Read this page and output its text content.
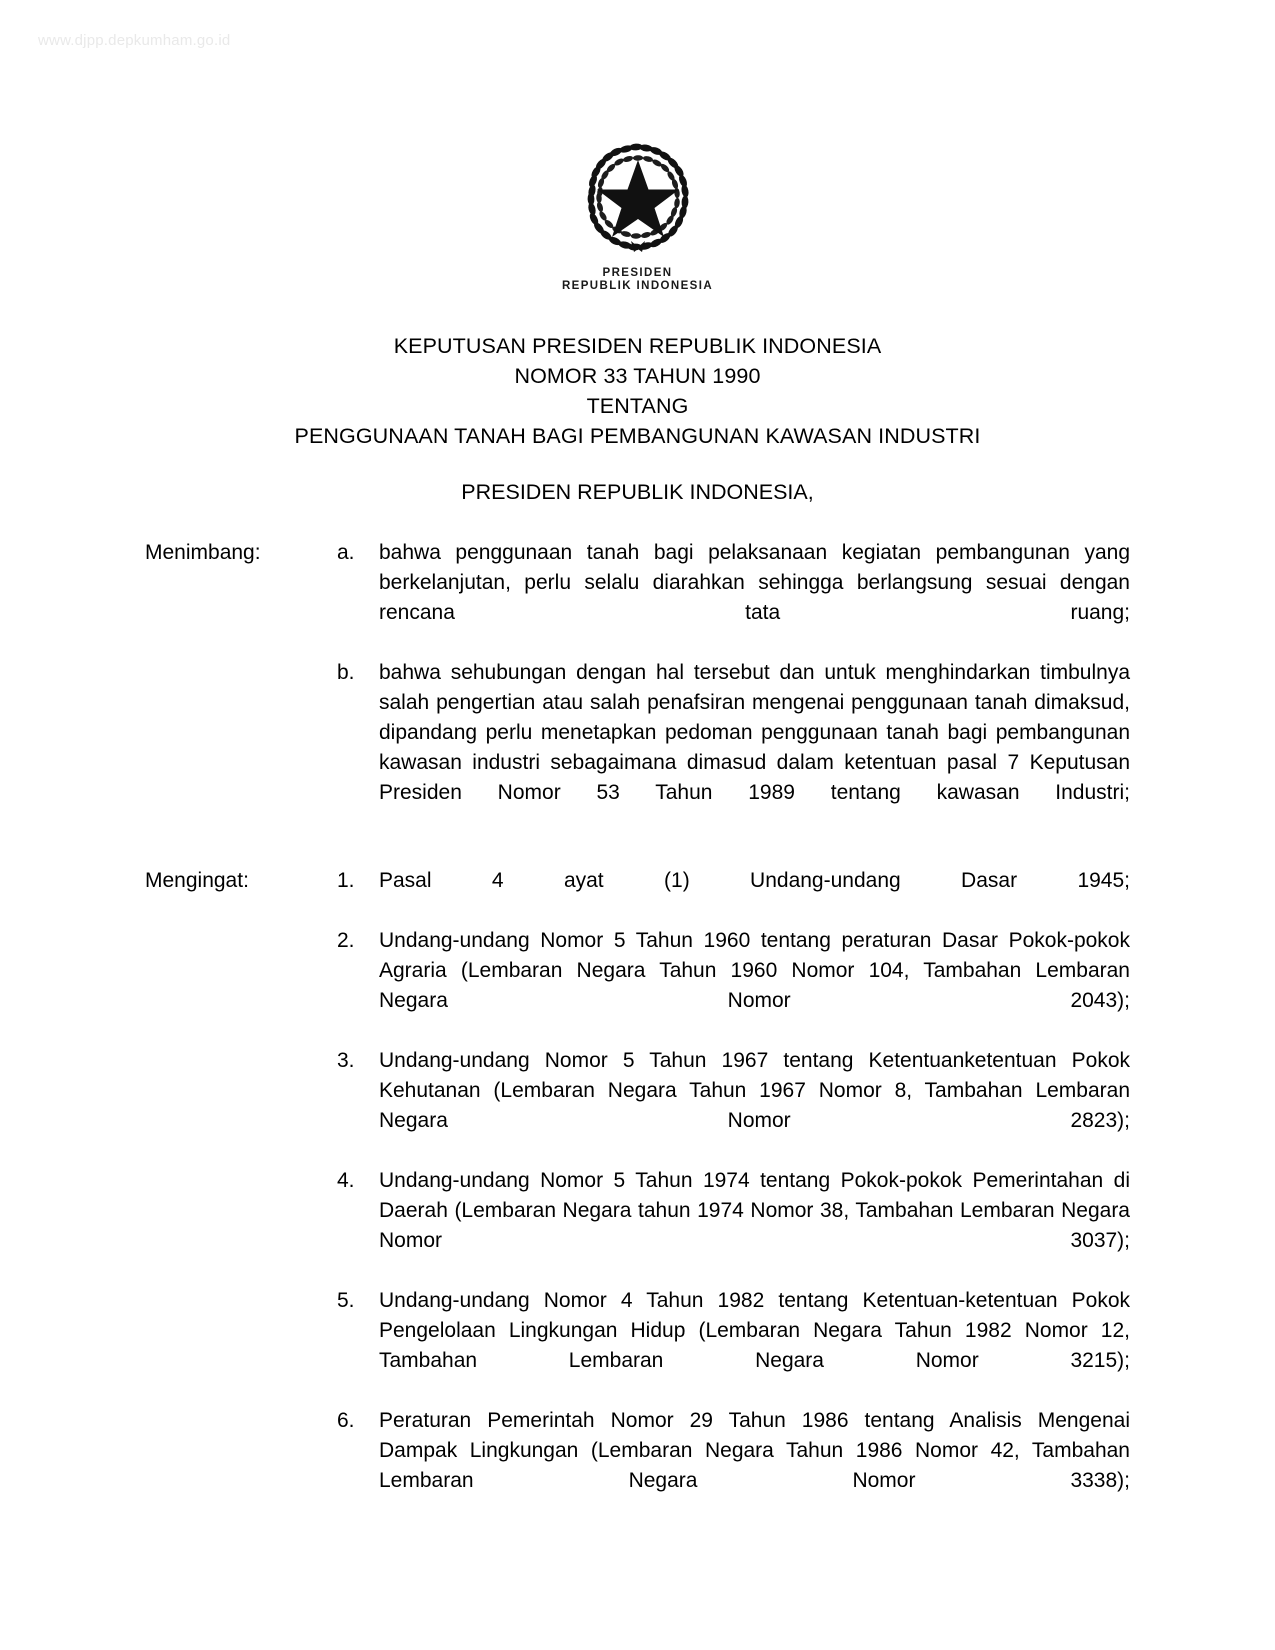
www.djpp.depkumham.go.id
PRESIDEN
REPUBLIK INDONESIA
KEPUTUSAN PRESIDEN REPUBLIK INDONESIA
NOMOR 33 TAHUN 1990
TENTANG
PENGGUNAAN TANAH BAGI PEMBANGUNAN KAWASAN INDUSTRI
PRESIDEN REPUBLIK INDONESIA,
Menimbang:	a.	bahwa penggunaan tanah bagi pelaksanaan kegiatan pembangunan yang berkelanjutan, perlu selalu diarahkan sehingga berlangsung sesuai dengan rencana tata ruang;
b.	bahwa sehubungan dengan hal tersebut dan untuk menghindarkan timbulnya salah pengertian atau salah penafsiran mengenai penggunaan tanah dimaksud, dipandang perlu menetapkan pedoman penggunaan tanah bagi pembangunan kawasan industri sebagaimana dimasud dalam ketentuan pasal 7 Keputusan Presiden Nomor 53 Tahun 1989 tentang kawasan Industri;
Mengingat:	1.	Pasal 4 ayat (1) Undang-undang Dasar 1945;
2.	Undang-undang Nomor 5 Tahun 1960 tentang peraturan Dasar Pokok-pokok Agraria (Lembaran Negara Tahun 1960 Nomor 104, Tambahan Lembaran Negara Nomor 2043);
3.	Undang-undang Nomor 5 Tahun 1967 tentang Ketentuanketentuan Pokok Kehutanan (Lembaran Negara Tahun 1967 Nomor 8, Tambahan Lembaran Negara Nomor 2823);
4.	Undang-undang Nomor 5 Tahun 1974 tentang Pokok-pokok Pemerintahan di Daerah (Lembaran Negara tahun 1974 Nomor 38, Tambahan Lembaran Negara Nomor 3037);
5.	Undang-undang Nomor 4 Tahun 1982 tentang Ketentuan-ketentuan Pokok Pengelolaan Lingkungan Hidup (Lembaran Negara Tahun 1982 Nomor 12, Tambahan Lembaran Negara Nomor 3215);
6.	Peraturan Pemerintah Nomor 29 Tahun 1986 tentang Analisis Mengenai Dampak Lingkungan (Lembaran Negara Tahun 1986 Nomor 42, Tambahan Lembaran Negara Nomor 3338);
